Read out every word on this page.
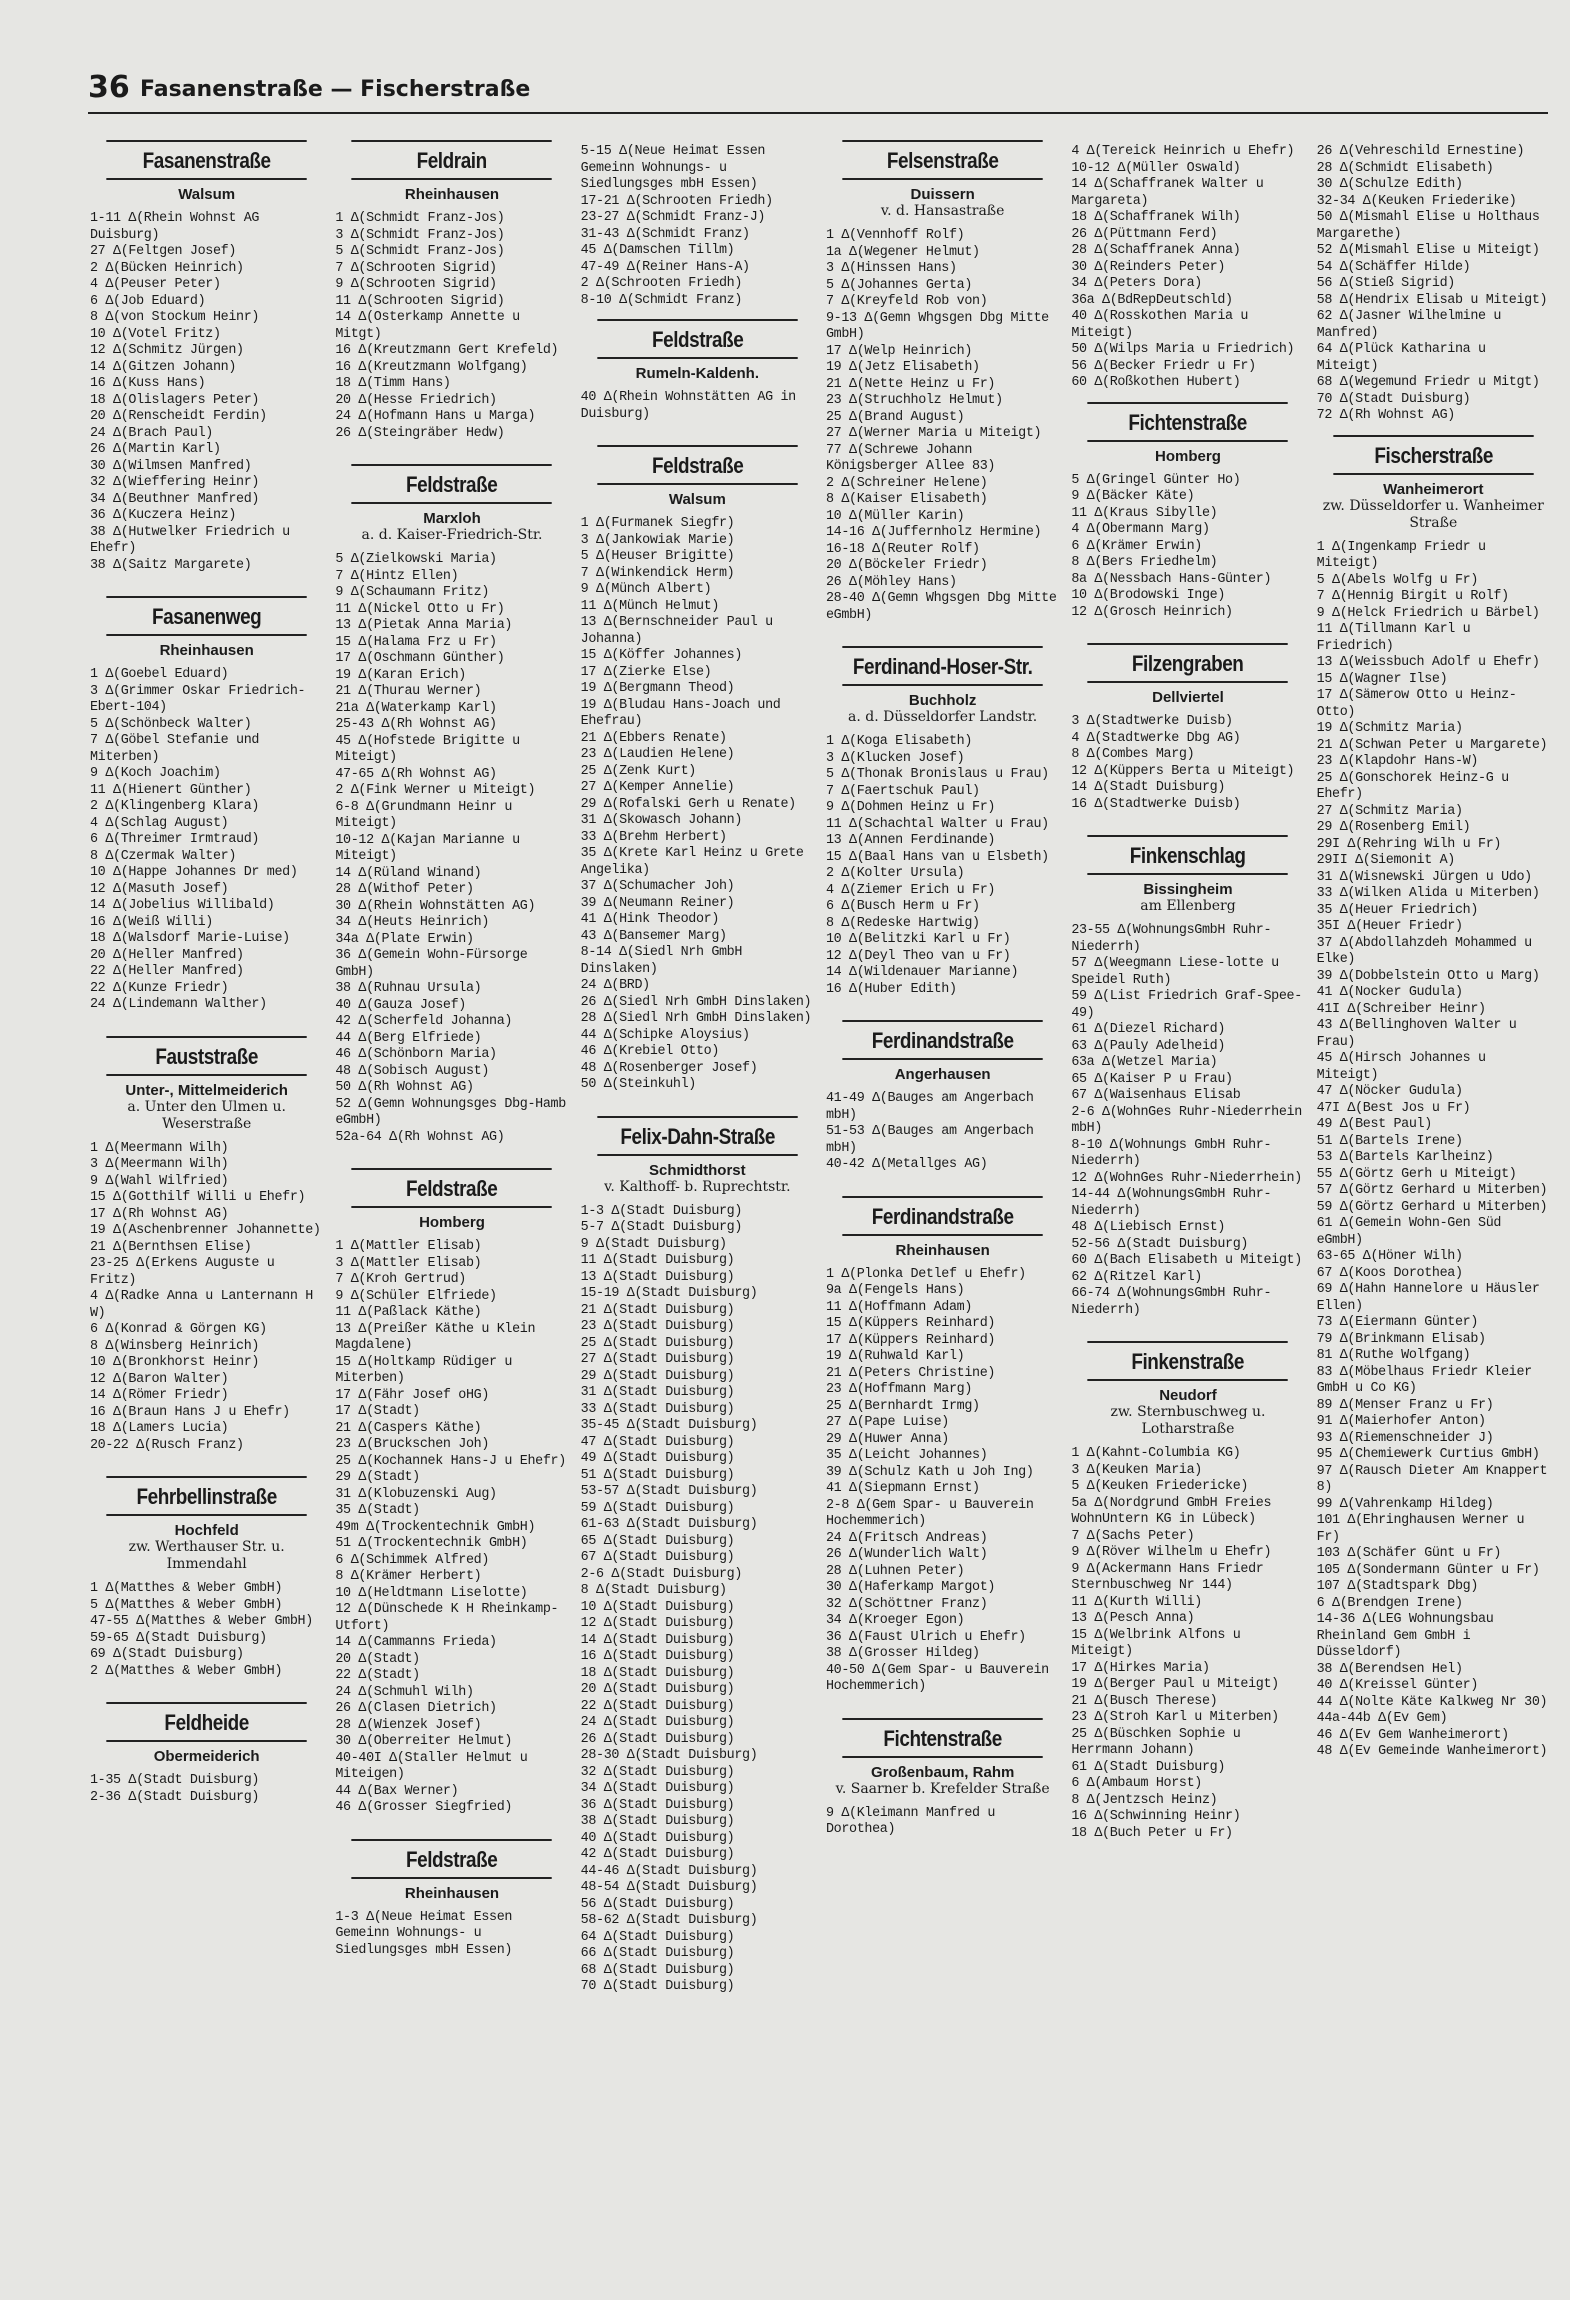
36 Fasanenstraße — Fischerstraße
Fasanenstraße
Walsum
1-11 Δ(Rhein Wohnst AG Duisburg)
27 Δ(Feltgen Josef)
2 Δ(Bücken Heinrich)
4 Δ(Peuser Peter)
6 Δ(Job Eduard)
8 Δ(von Stockum Heinr)
10 Δ(Votel Fritz)
12 Δ(Schmitz Jürgen)
14 Δ(Gitzen Johann)
16 Δ(Kuss Hans)
18 Δ(Olislagers Peter)
20 Δ(Renscheidt Ferdin)
24 Δ(Brach Paul)
26 Δ(Martin Karl)
30 Δ(Wilmsen Manfred)
32 Δ(Wieffering Heinr)
34 Δ(Beuthner Manfred)
36 Δ(Kuczera Heinz)
38 Δ(Hutwelker Friedrich u Ehefr)
38 Δ(Saitz Margarete)
Fasanenweg
Rheinhausen
1 Δ(Goebel Eduard)
3 Δ(Grimmer Oskar Friedrich-Ebert-104)
5 Δ(Schönbeck Walter)
7 Δ(Göbel Stefanie und Miterben)
9 Δ(Koch Joachim)
11 Δ(Hienert Günther)
2 Δ(Klingenberg Klara)
4 Δ(Schlag August)
6 Δ(Threimer Irmtraud)
8 Δ(Czermak Walter)
10 Δ(Happe Johannes Dr med)
12 Δ(Masuth Josef)
14 Δ(Jobelius Willibald)
16 Δ(Weiß Willi)
18 Δ(Walsdorf Marie-Luise)
20 Δ(Heller Manfred)
22 Δ(Heller Manfred)
22 Δ(Kunze Friedr)
24 Δ(Lindemann Walther)
Fauststraße
Unter-, Mittelmeiderich
a. Unter den Ulmen u. Weserstraße
1 Δ(Meermann Wilh)
3 Δ(Meermann Wilh)
9 Δ(Wahl Wilfried)
15 Δ(Gotthilf Willi u Ehefr)
17 Δ(Rh Wohnst AG)
19 Δ(Aschenbrenner Johannette)
21 Δ(Bernthsen Elise)
23-25 Δ(Erkens Auguste u Fritz)
4 Δ(Radke Anna u Lanternann H W)
6 Δ(Konrad & Görgen KG)
8 Δ(Winsberg Heinrich)
10 Δ(Bronkhorst Heinr)
12 Δ(Baron Walter)
14 Δ(Römer Friedr)
16 Δ(Braun Hans J u Ehefr)
18 Δ(Lamers Lucia)
20-22 Δ(Rusch Franz)
Fehrbellinstraße
Hochfeld
zw. Werthauser Str. u. Immendahl
1 Δ(Matthes & Weber GmbH)
5 Δ(Matthes & Weber GmbH)
47-55 Δ(Matthes & Weber GmbH)
59-65 Δ(Stadt Duisburg)
69 Δ(Stadt Duisburg)
2 Δ(Matthes & Weber GmbH)
Feldheide
Obermeiderich
1-35 Δ(Stadt Duisburg)
2-36 Δ(Stadt Duisburg)
Feldrain
Rheinhausen
1 Δ(Schmidt Franz-Jos)
3 Δ(Schmidt Franz-Jos)
5 Δ(Schmidt Franz-Jos)
7 Δ(Schrooten Sigrid)
9 Δ(Schrooten Sigrid)
11 Δ(Schrooten Sigrid)
14 Δ(Osterkamp Annette u Mitgt)
16 Δ(Kreutzmann Gert Krefeld)
16 Δ(Kreutzmann Wolfgang)
18 Δ(Timm Hans)
20 Δ(Hesse Friedrich)
24 Δ(Hofmann Hans u Marga)
26 Δ(Steingräber Hedw)
Feldstraße
Marxloh
a. d. Kaiser-Friedrich-Str.
5 Δ(Zielkowski Maria)
7 Δ(Hintz Ellen)
9 Δ(Schaumann Fritz)
11 Δ(Nickel Otto u Fr)
13 Δ(Pietak Anna Maria)
15 Δ(Halama Frz u Fr)
17 Δ(Oschmann Günther)
19 Δ(Karan Erich)
21 Δ(Thurau Werner)
21a Δ(Waterkamp Karl)
25-43 Δ(Rh Wohnst AG)
45 Δ(Hofstede Brigitte u Miteigt)
47-65 Δ(Rh Wohnst AG)
2 Δ(Fink Werner u Miteigt)
6-8 Δ(Grundmann Heinr u Miteigt)
10-12 Δ(Kajan Marianne u Miteigt)
14 Δ(Rüland Winand)
28 Δ(Withof Peter)
30 Δ(Rhein Wohnstätten AG)
34 Δ(Heuts Heinrich)
34a Δ(Plate Erwin)
36 Δ(Gemein Wohn-Fürsorge GmbH)
38 Δ(Ruhnau Ursula)
40 Δ(Gauza Josef)
42 Δ(Scherfeld Johanna)
44 Δ(Berg Elfriede)
46 Δ(Schönborn Maria)
48 Δ(Sobisch August)
50 Δ(Rh Wohnst AG)
52 Δ(Gemn Wohnungsges Dbg-Hamb eGmbH)
52a-64 Δ(Rh Wohnst AG)
Feldstraße
Homberg
1 Δ(Mattler Elisab)
3 Δ(Mattler Elisab)
7 Δ(Kroh Gertrud)
9 Δ(Schüler Elfriede)
11 Δ(Paßlack Käthe)
13 Δ(Preißer Käthe u Klein Magdalene)
15 Δ(Holtkamp Rüdiger u Miterben)
17 Δ(Fähr Josef oHG)
17 Δ(Stadt)
21 Δ(Caspers Käthe)
23 Δ(Bruckschen Joh)
25 Δ(Kochannek Hans-J u Ehefr)
29 Δ(Stadt)
31 Δ(Klobuzenski Aug)
35 Δ(Stadt)
49m Δ(Trockentechnik GmbH)
51 Δ(Trockentechnik GmbH)
6 Δ(Schimmek Alfred)
8 Δ(Krämer Herbert)
10 Δ(Heldtmann Liselotte)
12 Δ(Dünschede K H Rheinkamp-Utfort)
14 Δ(Cammanns Frieda)
20 Δ(Stadt)
22 Δ(Stadt)
24 Δ(Schmuhl Wilh)
26 Δ(Clasen Dietrich)
28 Δ(Wienzek Josef)
30 Δ(Oberreiter Helmut)
40-40I Δ(Staller Helmut u Miteigen)
44 Δ(Bax Werner)
46 Δ(Grosser Siegfried)
Feldstraße
Rheinhausen
1-3 Δ(Neue Heimat Essen Gemeinn Wohnungs- u Siedlungsges mbH Essen)
5-15 Δ(Neue Heimat Essen Gemeinn Wohnungs- u Siedlungsges mbH Essen)
17-21 Δ(Schrooten Friedh)
23-27 Δ(Schmidt Franz-J)
31-43 Δ(Schmidt Franz)
45 Δ(Damschen Tillm)
47-49 Δ(Reiner Hans-A)
2 Δ(Schrooten Friedh)
8-10 Δ(Schmidt Franz)
Feldstraße
Rumeln-Kaldenh.
40 Δ(Rhein Wohnstätten AG in Duisburg)
Feldstraße
Walsum
1 Δ(Furmanek Siegfr)
3 Δ(Jankowiak Marie)
5 Δ(Heuser Brigitte)
7 Δ(Winkendick Herm)
9 Δ(Münch Albert)
11 Δ(Münch Helmut)
13 Δ(Bernschneider Paul u Johanna)
15 Δ(Köffer Johannes)
17 Δ(Zierke Else)
19 Δ(Bergmann Theod)
19 Δ(Bludau Hans-Joach und Ehefrau)
21 Δ(Ebbers Renate)
23 Δ(Laudien Helene)
25 Δ(Zenk Kurt)
27 Δ(Kemper Annelie)
29 Δ(Rofalski Gerh u Renate)
31 Δ(Skowasch Johann)
33 Δ(Brehm Herbert)
35 Δ(Krete Karl Heinz u Grete Angelika)
37 Δ(Schumacher Joh)
39 Δ(Neumann Reiner)
41 Δ(Hink Theodor)
43 Δ(Bansemer Marg)
8-14 Δ(Siedl Nrh GmbH Dinslaken)
24 Δ(BRD)
26 Δ(Siedl Nrh GmbH Dinslaken)
28 Δ(Siedl Nrh GmbH Dinslaken)
44 Δ(Schipke Aloysius)
46 Δ(Krebiel Otto)
48 Δ(Rosenberger Josef)
50 Δ(Steinkuhl)
Felix-Dahn-Straße
Schmidthorst
v. Kalthoff- b. Ruprechtstr.
1-3 Δ(Stadt Duisburg)
5-7 Δ(Stadt Duisburg)
9 Δ(Stadt Duisburg)
11 Δ(Stadt Duisburg)
13 Δ(Stadt Duisburg)
15-19 Δ(Stadt Duisburg)
21 Δ(Stadt Duisburg)
23 Δ(Stadt Duisburg)
25 Δ(Stadt Duisburg)
27 Δ(Stadt Duisburg)
29 Δ(Stadt Duisburg)
31 Δ(Stadt Duisburg)
33 Δ(Stadt Duisburg)
35-45 Δ(Stadt Duisburg)
47 Δ(Stadt Duisburg)
49 Δ(Stadt Duisburg)
51 Δ(Stadt Duisburg)
53-57 Δ(Stadt Duisburg)
59 Δ(Stadt Duisburg)
61-63 Δ(Stadt Duisburg)
65 Δ(Stadt Duisburg)
67 Δ(Stadt Duisburg)
2-6 Δ(Stadt Duisburg)
8 Δ(Stadt Duisburg)
10 Δ(Stadt Duisburg)
12 Δ(Stadt Duisburg)
14 Δ(Stadt Duisburg)
16 Δ(Stadt Duisburg)
18 Δ(Stadt Duisburg)
20 Δ(Stadt Duisburg)
22 Δ(Stadt Duisburg)
24 Δ(Stadt Duisburg)
26 Δ(Stadt Duisburg)
28-30 Δ(Stadt Duisburg)
32 Δ(Stadt Duisburg)
34 Δ(Stadt Duisburg)
36 Δ(Stadt Duisburg)
38 Δ(Stadt Duisburg)
40 Δ(Stadt Duisburg)
42 Δ(Stadt Duisburg)
44-46 Δ(Stadt Duisburg)
48-54 Δ(Stadt Duisburg)
56 Δ(Stadt Duisburg)
58-62 Δ(Stadt Duisburg)
64 Δ(Stadt Duisburg)
66 Δ(Stadt Duisburg)
68 Δ(Stadt Duisburg)
70 Δ(Stadt Duisburg)
Felsenstraße
Duissern
v. d. Hansastraße
1 Δ(Vennhoff Rolf)
1a Δ(Wegener Helmut)
3 Δ(Hinssen Hans)
5 Δ(Johannes Gerta)
7 Δ(Kreyfeld Rob von)
9-13 Δ(Gemn Whgsgen Dbg Mitte GmbH)
17 Δ(Welp Heinrich)
19 Δ(Jetz Elisabeth)
21 Δ(Nette Heinz u Fr)
23 Δ(Struchholz Helmut)
25 Δ(Brand August)
27 Δ(Werner Maria u Miteigt)
77 Δ(Schrewe Johann Königsberger Allee 83)
2 Δ(Schreiner Helene)
8 Δ(Kaiser Elisabeth)
10 Δ(Müller Karin)
14-16 Δ(Juffernholz Hermine)
16-18 Δ(Reuter Rolf)
20 Δ(Böckeler Friedr)
26 Δ(Möhley Hans)
28-40 Δ(Gemn Whgsgen Dbg Mitte eGmbH)
Ferdinand-Hoser-Str.
Buchholz
a. d. Düsseldorfer Landstr.
1 Δ(Koga Elisabeth)
3 Δ(Klucken Josef)
5 Δ(Thonak Bronislaus u Frau)
7 Δ(Faertschuk Paul)
9 Δ(Dohmen Heinz u Fr)
11 Δ(Schachtal Walter u Frau)
13 Δ(Annen Ferdinande)
15 Δ(Baal Hans van u Elsbeth)
2 Δ(Kolter Ursula)
4 Δ(Ziemer Erich u Fr)
6 Δ(Busch Herm u Fr)
8 Δ(Redeske Hartwig)
10 Δ(Belitzki Karl u Fr)
12 Δ(Deyl Theo van u Fr)
14 Δ(Wildenauer Marianne)
16 Δ(Huber Edith)
Ferdinandstraße
Angerhausen
41-49 Δ(Bauges am Angerbach mbH)
51-53 Δ(Bauges am Angerbach mbH)
40-42 Δ(Metallges AG)
Ferdinandstraße
Rheinhausen
1 Δ(Plonka Detlef u Ehefr)
9a Δ(Fengels Hans)
11 Δ(Hoffmann Adam)
15 Δ(Küppers Reinhard)
17 Δ(Küppers Reinhard)
19 Δ(Ruhwald Karl)
21 Δ(Peters Christine)
23 Δ(Hoffmann Marg)
25 Δ(Bernhardt Irmg)
27 Δ(Pape Luise)
29 Δ(Huwer Anna)
35 Δ(Leicht Johannes)
39 Δ(Schulz Kath u Joh Ing)
41 Δ(Siepmann Ernst)
2-8 Δ(Gem Spar- u Bauverein Hochemmerich)
24 Δ(Fritsch Andreas)
26 Δ(Wunderlich Walt)
28 Δ(Luhnen Peter)
30 Δ(Haferkamp Margot)
32 Δ(Schöttner Franz)
34 Δ(Kroeger Egon)
36 Δ(Faust Ulrich u Ehefr)
38 Δ(Grosser Hildeg)
40-50 Δ(Gem Spar- u Bauverein Hochemmerich)
Fichtenstraße
Großenbaum, Rahm
v. Saarner b. Krefelder Straße
9 Δ(Kleimann Manfred u Dorothea)
4 Δ(Tereick Heinrich u Ehefr)
10-12 Δ(Müller Oswald)
14 Δ(Schaffranek Walter u Margareta)
18 Δ(Schaffranek Wilh)
26 Δ(Püttmann Ferd)
28 Δ(Schaffranek Anna)
30 Δ(Reinders Peter)
34 Δ(Peters Dora)
36a Δ(BdRepDeutschld)
40 Δ(Rosskothen Maria u Miteigt)
50 Δ(Wilps Maria u Friedrich)
56 Δ(Becker Friedr u Fr)
60 Δ(Roßkothen Hubert)
Fichtenstraße
Homberg
5 Δ(Gringel Günter Ho)
9 Δ(Bäcker Käte)
11 Δ(Kraus Sibylle)
4 Δ(Obermann Marg)
6 Δ(Krämer Erwin)
8 Δ(Bers Friedhelm)
8a Δ(Nessbach Hans-Günter)
10 Δ(Brodowski Inge)
12 Δ(Grosch Heinrich)
Filzengraben
Dellviertel
3 Δ(Stadtwerke Duisb)
4 Δ(Stadtwerke Dbg AG)
8 Δ(Combes Marg)
12 Δ(Küppers Berta u Miteigt)
14 Δ(Stadt Duisburg)
16 Δ(Stadtwerke Duisb)
Finkenschlag
Bissingheim
am Ellenberg
23-55 Δ(WohnungsGmbH Ruhr-Niederrh)
57 Δ(Weegmann Liese-lotte u Speidel Ruth)
59 Δ(List Friedrich Graf-Spee-49)
61 Δ(Diezel Richard)
63 Δ(Pauly Adelheid)
63a Δ(Wetzel Maria)
65 Δ(Kaiser P u Frau)
67 Δ(Waisenhaus Elisab
2-6 Δ(WohnGes Ruhr-Niederrhein mbH)
8-10 Δ(Wohnungs GmbH Ruhr-Niederrh)
12 Δ(WohnGes Ruhr-Niederrhein)
14-44 Δ(WohnungsGmbH Ruhr-Niederrh)
48 Δ(Liebisch Ernst)
52-56 Δ(Stadt Duisburg)
60 Δ(Bach Elisabeth u Miteigt)
62 Δ(Ritzel Karl)
66-74 Δ(WohnungsGmbH Ruhr-Niederrh)
Finkenstraße
Neudorf
zw. Sternbuschweg u. Lotharstraße
1 Δ(Kahnt-Columbia KG)
3 Δ(Keuken Maria)
5 Δ(Keuken Friedericke)
5a Δ(Nordgrund GmbH Freies WohnUntern KG in Lübeck)
7 Δ(Sachs Peter)
9 Δ(Röver Wilhelm u Ehefr)
9 Δ(Ackermann Hans Friedr Sternbuschweg Nr 144)
11 Δ(Kurth Willi)
13 Δ(Pesch Anna)
15 Δ(Welbrink Alfons u Miteigt)
17 Δ(Hirkes Maria)
19 Δ(Berger Paul u Miteigt)
21 Δ(Busch Therese)
23 Δ(Stroh Karl u Miterben)
25 Δ(Büschken Sophie u Herrmann Johann)
61 Δ(Stadt Duisburg)
6 Δ(Ambaum Horst)
8 Δ(Jentzsch Heinz)
16 Δ(Schwinning Heinr)
18 Δ(Buch Peter u Fr)
26 Δ(Vehreschild Ernestine)
28 Δ(Schmidt Elisabeth)
30 Δ(Schulze Edith)
32-34 Δ(Keuken Friederike)
50 Δ(Mismahl Elise u Holthaus Margarethe)
52 Δ(Mismahl Elise u Miteigt)
54 Δ(Schäffer Hilde)
56 Δ(Stieß Sigrid)
58 Δ(Hendrix Elisab u Miteigt)
62 Δ(Jasner Wilhelmine u Manfred)
64 Δ(Plück Katharina u Miteigt)
68 Δ(Wegemund Friedr u Mitgt)
70 Δ(Stadt Duisburg)
72 Δ(Rh Wohnst AG)
Fischerstraße
Wanheimerort
zw. Düsseldorfer u. Wanheimer Straße
1 Δ(Ingenkamp Friedr u Miteigt)
5 Δ(Abels Wolfg u Fr)
7 Δ(Hennig Birgit u Rolf)
9 Δ(Helck Friedrich u Bärbel)
11 Δ(Tillmann Karl u Friedrich)
13 Δ(Weissbuch Adolf u Ehefr)
15 Δ(Wagner Ilse)
17 Δ(Sämerow Otto u Heinz-Otto)
19 Δ(Schmitz Maria)
21 Δ(Schwan Peter u Margarete)
23 Δ(Klapdohr Hans-W)
25 Δ(Gonschorek Heinz-G u Ehefr)
27 Δ(Schmitz Maria)
29 Δ(Rosenberg Emil)
29I Δ(Rehring Wilh u Fr)
29II Δ(Siemonit A)
31 Δ(Wisnewski Jürgen u Udo)
33 Δ(Wilken Alida u Miterben)
35 Δ(Heuer Friedrich)
35I Δ(Heuer Friedr)
37 Δ(Abdollahzdeh Mohammed u Elke)
39 Δ(Dobbelstein Otto u Marg)
41 Δ(Nocker Gudula)
41I Δ(Schreiber Heinr)
43 Δ(Bellinghoven Walter u Frau)
45 Δ(Hirsch Johannes u Miteigt)
47 Δ(Nöcker Gudula)
47I Δ(Best Jos u Fr)
49 Δ(Best Paul)
51 Δ(Bartels Irene)
53 Δ(Bartels Karlheinz)
55 Δ(Görtz Gerh u Miteigt)
57 Δ(Görtz Gerhard u Miterben)
59 Δ(Görtz Gerhard u Miterben)
61 Δ(Gemein Wohn-Gen Süd eGmbH)
63-65 Δ(Höner Wilh)
67 Δ(Koos Dorothea)
69 Δ(Hahn Hannelore u Häusler Ellen)
73 Δ(Eiermann Günter)
79 Δ(Brinkmann Elisab)
81 Δ(Ruthe Wolfgang)
83 Δ(Möbelhaus Friedr Kleier GmbH u Co KG)
89 Δ(Menser Franz u Fr)
91 Δ(Maierhofer Anton)
93 Δ(Riemenschneider J)
95 Δ(Chemiewerk Curtius GmbH)
97 Δ(Rausch Dieter Am Knappert 8)
99 Δ(Vahrenkamp Hildeg)
101 Δ(Ehringhausen Werner u Fr)
103 Δ(Schäfer Günt u Fr)
105 Δ(Sondermann Günter u Fr)
107 Δ(Stadtspark Dbg)
6 Δ(Brendgen Irene)
14-36 Δ(LEG Wohnungsbau Rheinland Gem GmbH i Düsseldorf)
38 Δ(Berendsen Hel)
40 Δ(Kreissel Günter)
44 Δ(Nolte Käte Kalkweg Nr 30)
44a-44b Δ(Ev Gem)
46 Δ(Ev Gem Wanheimerort)
48 Δ(Ev Gemeinde Wanheimerort)
